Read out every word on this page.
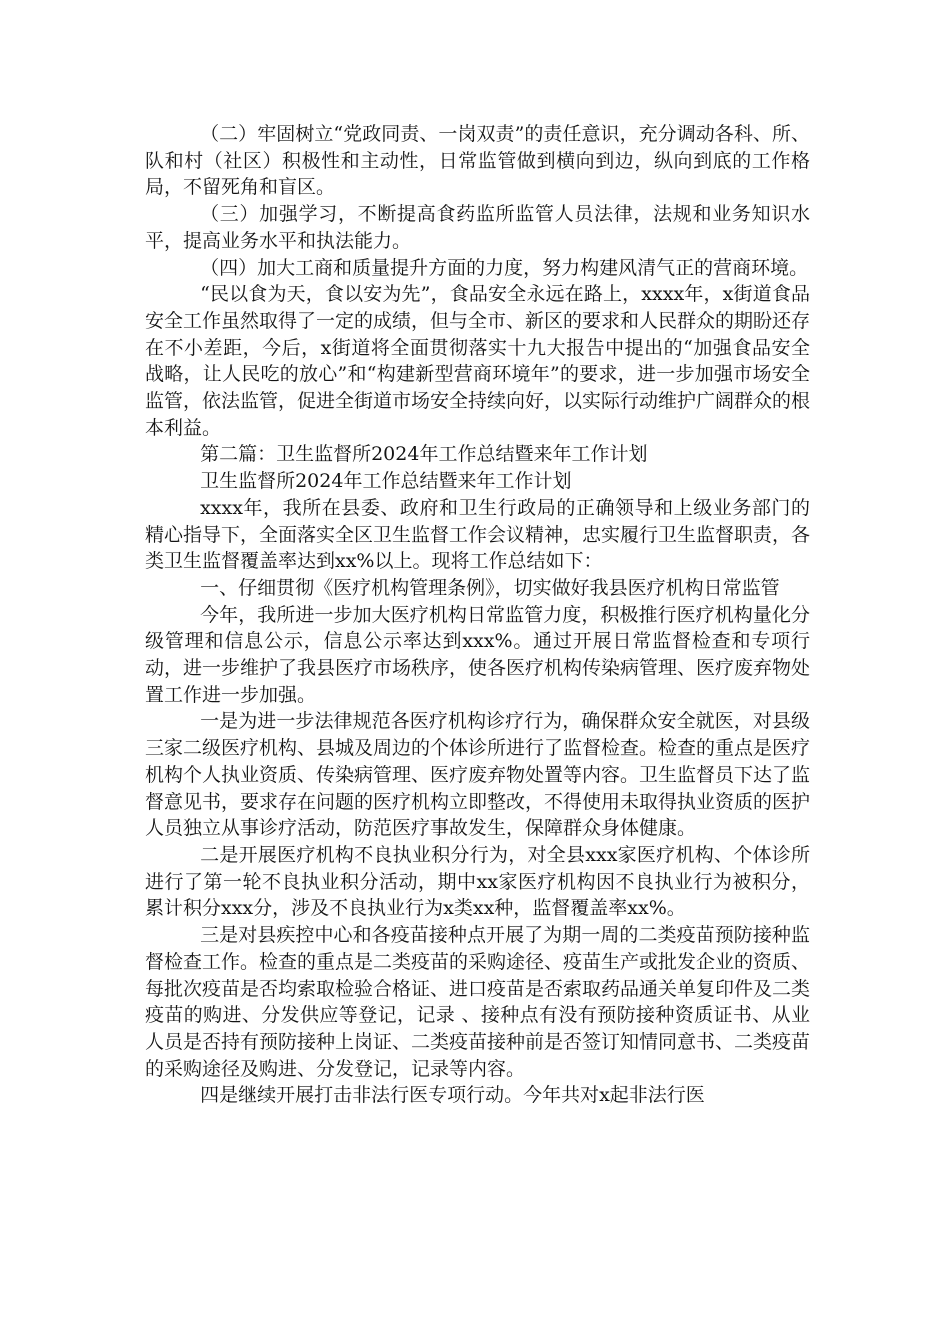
（二）牢固树立“党政同责、一岗双责”的责任意识，充分调动各科、所、队和村（社区）积极性和主动性，日常监管做到横向到边，纵向到底的工作格局，不留死角和盲区。

（三）加强学习，不断提高食药监所监管人员法律，法规和业务知识水平，提高业务水平和执法能力。

（四）加大工商和质量提升方面的力度，努力构建风清气正的营商环境。

“民以食为天，食以安为先”，食品安全永远在路上，xxxx年，x街道食品安全工作虽然取得了一定的成绩，但与全市、新区的要求和人民群众的期盼还存在不小差距，今后，x街道将全面贯彻落实十九大报告中提出的“加强食品安全战略，让人民吃的放心”和“构建新型营商环境年”的要求，进一步加强市场安全监管，依法监管，促进全街道市场安全持续向好，以实际行动维护广阔群众的根本利益。

第二篇：卫生监督所2024年工作总结暨来年工作计划

卫生监督所2024年工作总结暨来年工作计划

xxxx年，我所在县委、政府和卫生行政局的正确领导和上级业务部门的精心指导下，全面落实全区卫生监督工作会议精神，忠实履行卫生监督职责，各类卫生监督覆盖率达到xx%以上。现将工作总结如下：

一、仔细贯彻《医疗机构管理条例》，切实做好我县医疗机构日常监管

今年，我所进一步加大医疗机构日常监管力度，积极推行医疗机构量化分级管理和信息公示，信息公示率达到xxx%。通过开展日常监督检查和专项行动，进一步维护了我县医疗市场秩序，使各医疗机构传染病管理、医疗废弃物处置工作进一步加强。

一是为进一步法律规范各医疗机构诊疗行为，确保群众安全就医，对县级三家二级医疗机构、县城及周边的个体诊所进行了监督检查。检查的重点是医疗机构个人执业资质、传染病管理、医疗废弃物处置等内容。卫生监督员下达了监督意见书，要求存在问题的医疗机构立即整改，不得使用未取得执业资质的医护人员独立从事诊疗活动，防范医疗事故发生，保障群众身体健康。

二是开展医疗机构不良执业积分行为，对全县xxx家医疗机构、个体诊所进行了第一轮不良执业积分活动，期中xx家医疗机构因不良执业行为被积分，累计积分xxx分，涉及不良执业行为x类xx种，监督覆盖率xx%。

三是对县疾控中心和各疫苗接种点开展了为期一周的二类疫苗预防接种监督检查工作。检查的重点是二类疫苗的采购途径、疫苗生产或批发企业的资质、每批次疫苗是否均索取检验合格证、进口疫苗是否索取药品通关单复印件及二类疫苗的购进、分发供应等登记，记录 、接种点有没有预防接种资质证书、从业人员是否持有预防接种上岗证、二类疫苗接种前是否签订知情同意书、二类疫苗的采购途径及购进、分发登记，记录等内容。

四是继续开展打击非法行医专项行动。今年共对x起非法行医
